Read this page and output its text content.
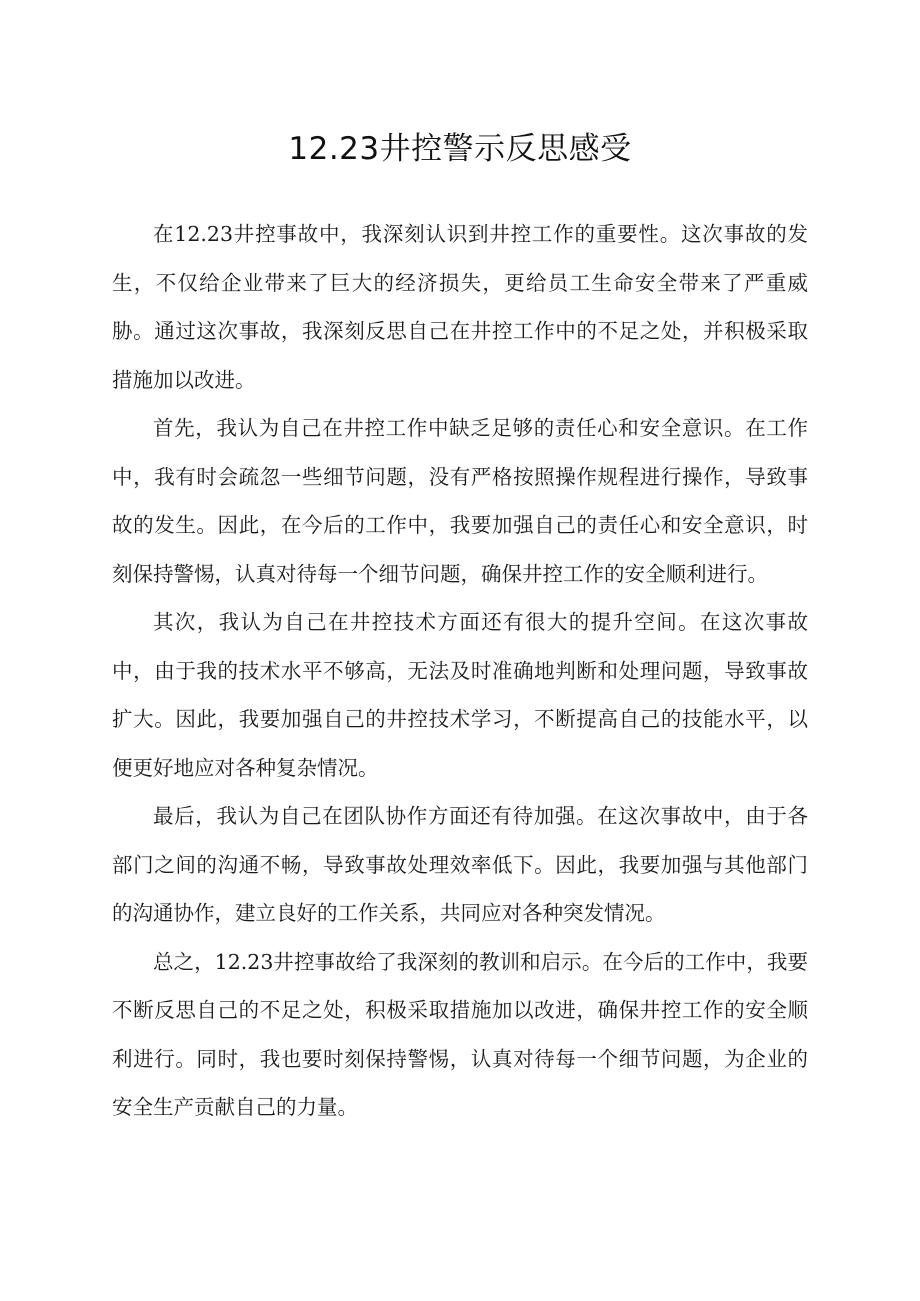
12.23井控警示反思感受

在12.23井控事故中，我深刻认识到井控工作的重要性。这次事故的发生，不仅给企业带来了巨大的经济损失，更给员工生命安全带来了严重威胁。通过这次事故，我深刻反思自己在井控工作中的不足之处，并积极采取措施加以改进。

首先，我认为自己在井控工作中缺乏足够的责任心和安全意识。在工作中，我有时会疏忽一些细节问题，没有严格按照操作规程进行操作，导致事故的发生。因此，在今后的工作中，我要加强自己的责任心和安全意识，时刻保持警惕，认真对待每一个细节问题，确保井控工作的安全顺利进行。

其次，我认为自己在井控技术方面还有很大的提升空间。在这次事故中，由于我的技术水平不够高，无法及时准确地判断和处理问题，导致事故扩大。因此，我要加强自己的井控技术学习，不断提高自己的技能水平，以便更好地应对各种复杂情况。

最后，我认为自己在团队协作方面还有待加强。在这次事故中，由于各部门之间的沟通不畅，导致事故处理效率低下。因此，我要加强与其他部门的沟通协作，建立良好的工作关系，共同应对各种突发情况。

总之，12.23井控事故给了我深刻的教训和启示。在今后的工作中，我要不断反思自己的不足之处，积极采取措施加以改进，确保井控工作的安全顺利进行。同时，我也要时刻保持警惕，认真对待每一个细节问题，为企业的安全生产贡献自己的力量。
